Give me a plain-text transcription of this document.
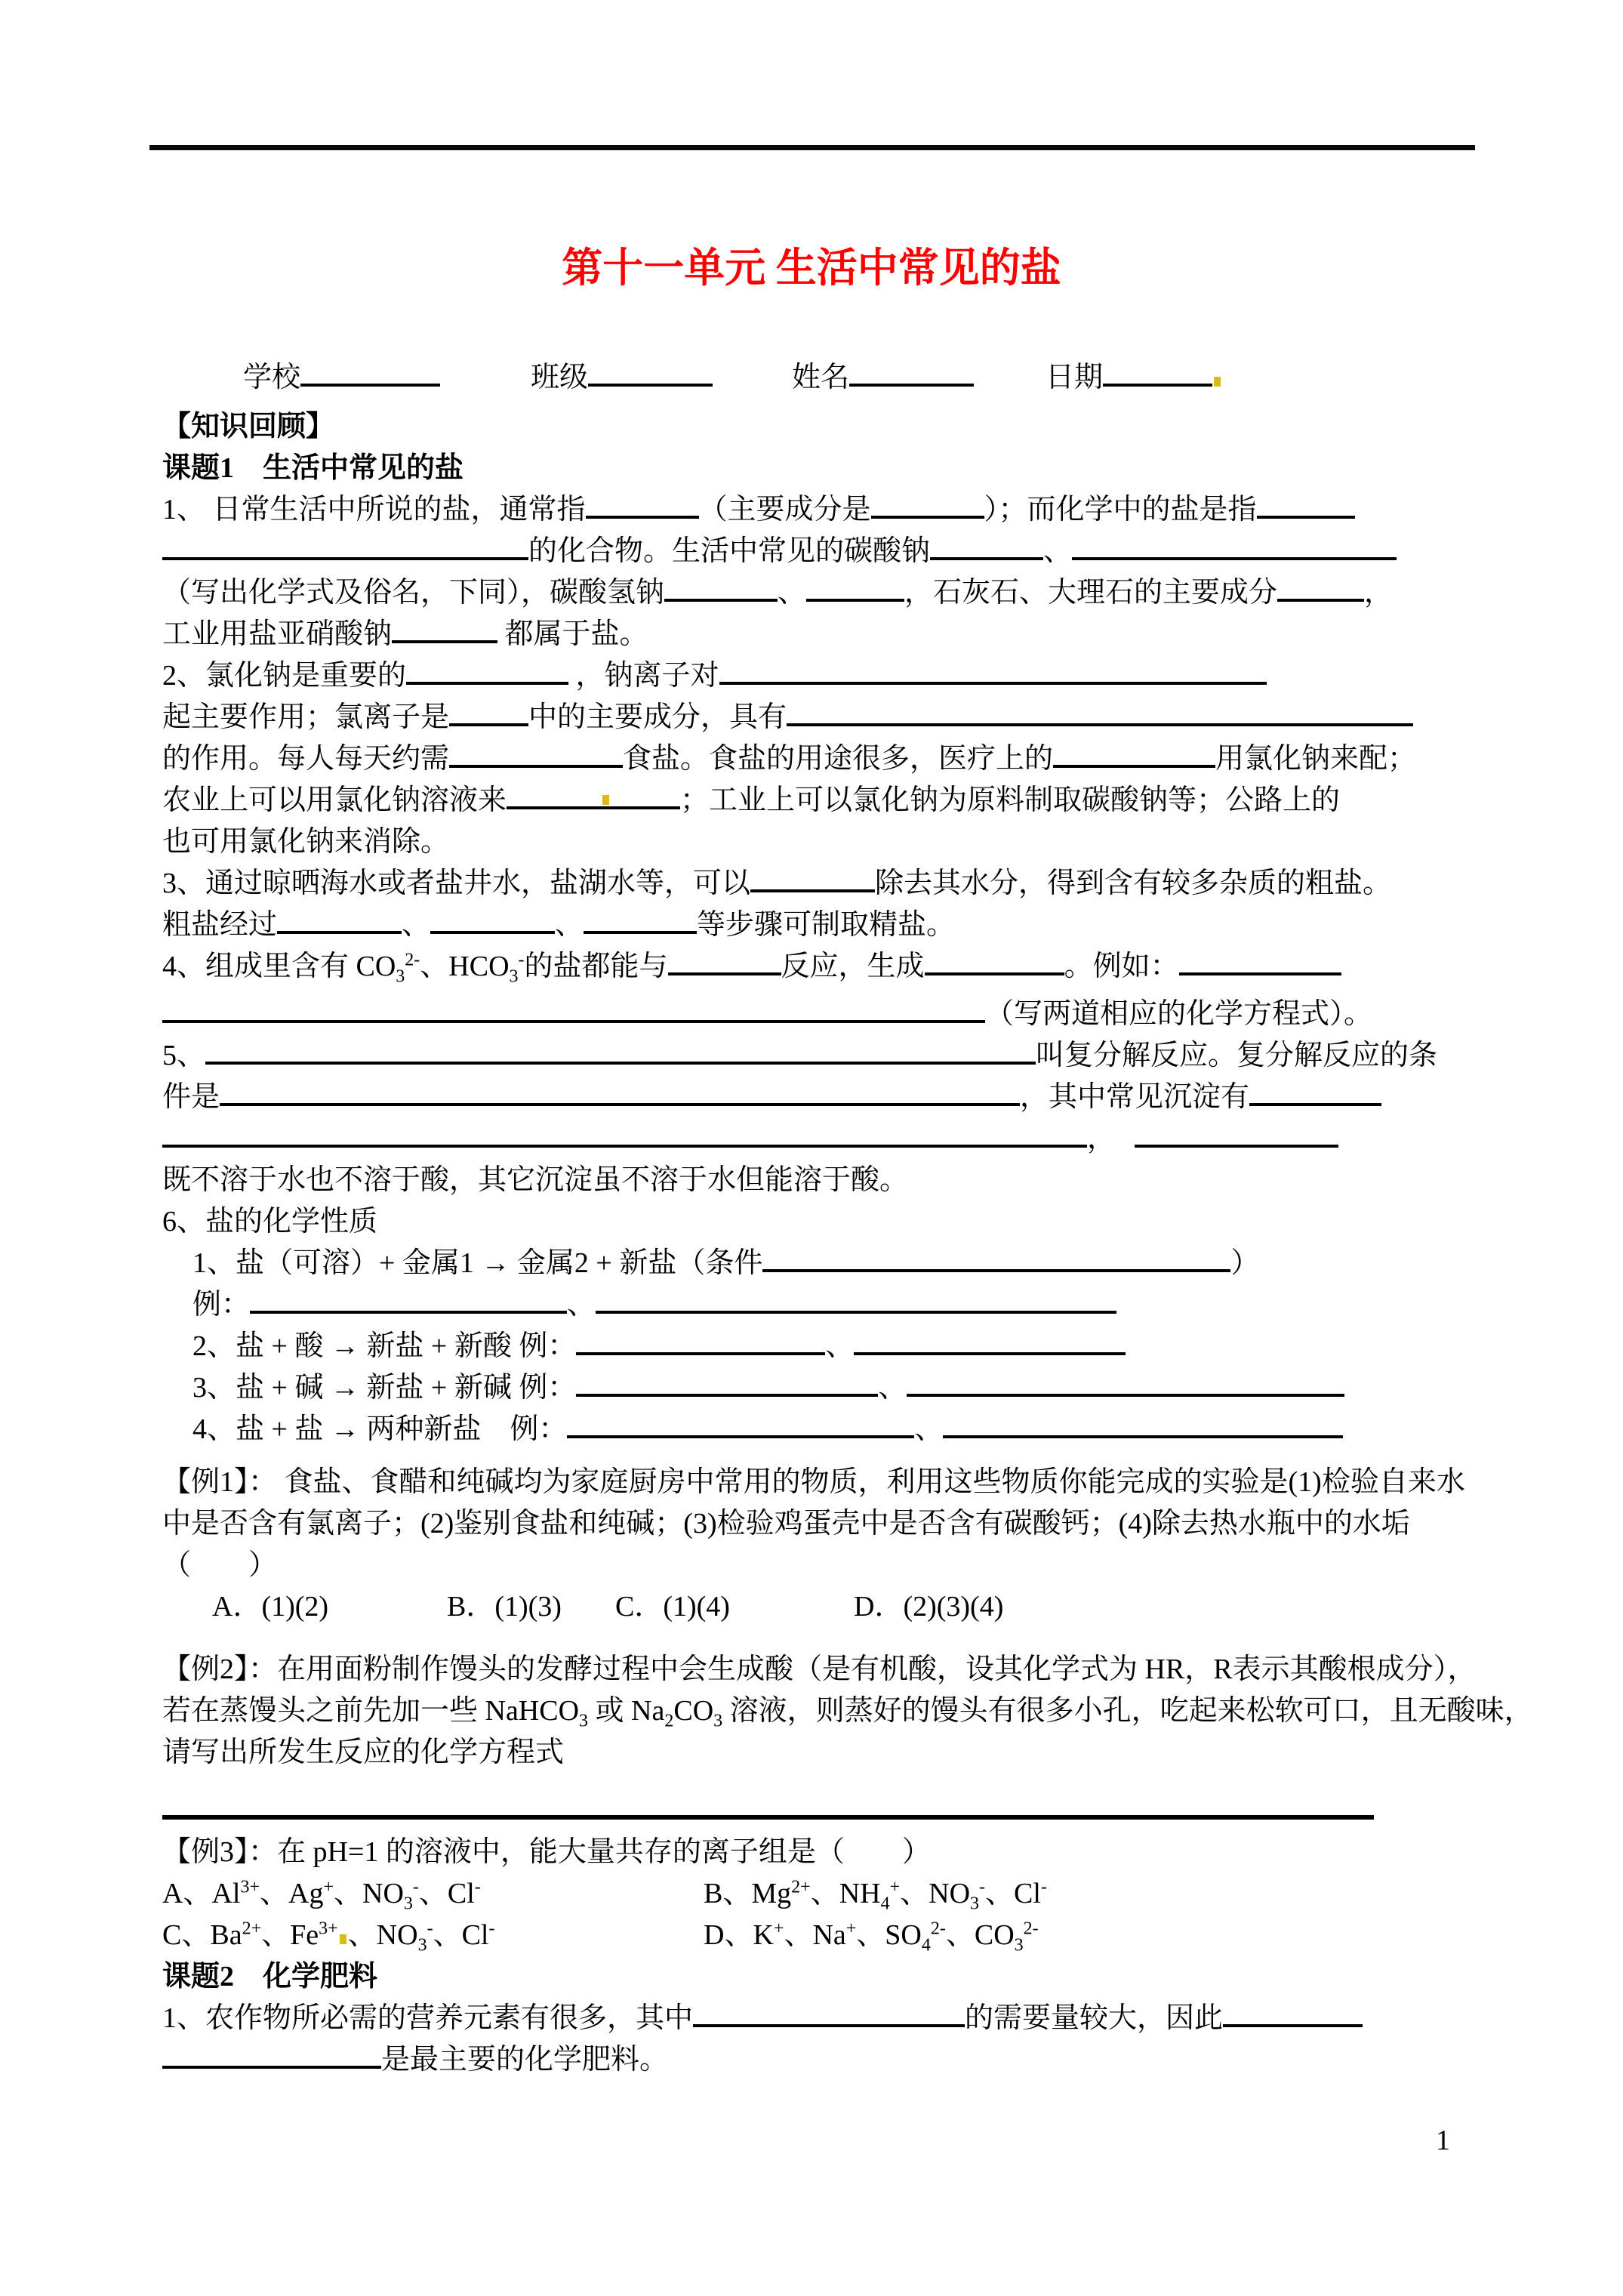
第十一单元 生活中常见的盐
学校	班级	姓名	日期
【知识回顾】
课题1　生活中常见的盐
1、 日常生活中所说的盐，通常指	（主要成分是	）；而化学中的盐是指
的化合物。生活中常见的碳酸钠	、
（写出化学式及俗名，下同），碳酸氢钠	、	，石灰石、大理石的主要成分	，
工业用盐亚硝酸钠	都属于盐。
2、氯化钠是重要的	，钠离子对
起主要作用；氯离子是	中的主要成分，具有
的作用。每人每天约需	食盐。食盐的用途很多，医疗上的	用氯化钠来配；
农业上可以用氯化钠溶液来	；工业上可以氯化钠为原料制取碳酸钠等；公路上的
也可用氯化钠来消除。
3、通过晾晒海水或者盐井水，盐湖水等，可以	除去其水分，得到含有较多杂质的粗盐。
粗盐经过	、	、	等步骤可制取精盐。
4、组成里含有 $CO_3^{2-}$、$HCO_3^-$的盐都能与	反应，生成	。例如：
（写两道相应的化学方程式）。
5、	叫复分解反应。复分解反应的条
件是	，其中常见沉淀有
，
既不溶于水也不溶于酸，其它沉淀虽不溶于水但能溶于酸。
6、盐的化学性质
1、盐（可溶）+ 金属1 → 金属2 + 新盐（条件	）
例：	、
2、盐 + 酸 → 新盐 + 新酸 例：	、
3、盐 + 碱 → 新盐 + 新碱 例：	、
4、盐 + 盐 → 两种新盐　例：	、
【例1】： 食盐、食醋和纯碱均为家庭厨房中常用的物质，利用这些物质你能完成的实验是(1)检验自来水
中是否含有氯离子；(2)鉴别食盐和纯碱；(3)检验鸡蛋壳中是否含有碳酸钙；(4)除去热水瓶中的水垢
（　　）
A．(1)(2)	B．(1)(3) C．(1)(4)	D．(2)(3)(4)
【例2】：在用面粉制作馒头的发酵过程中会生成酸（是有机酸，设其化学式为 HR，R表示其酸根成分），
若在蒸馒头之前先加一些 NaHCO$_3$ 或 $Na_2CO_3$ 溶液，则蒸好的馒头有很多小孔，吃起来松软可口，且无酸味，
请写出所发生反应的化学方程式
【例3】：在 pH=1 的溶液中，能大量共存的离子组是（　　）
A、$Al^{3+}$、Ag+、$NO_3^-$、Cl-	B、$Mg^{2+}$、$NH_4^+$、$NO_3^-$、Cl-
C、$Ba^{2+}$、$Fe^{3+}$ 、$NO_3^-$、Cl-	D、K+、Na+、$SO_4^{2-}$、$CO_3^{2-}$
课题2　化学肥料
1、农作物所必需的营养元素有很多，其中	的需要量较大，因此
是最主要的化学肥料。
1
